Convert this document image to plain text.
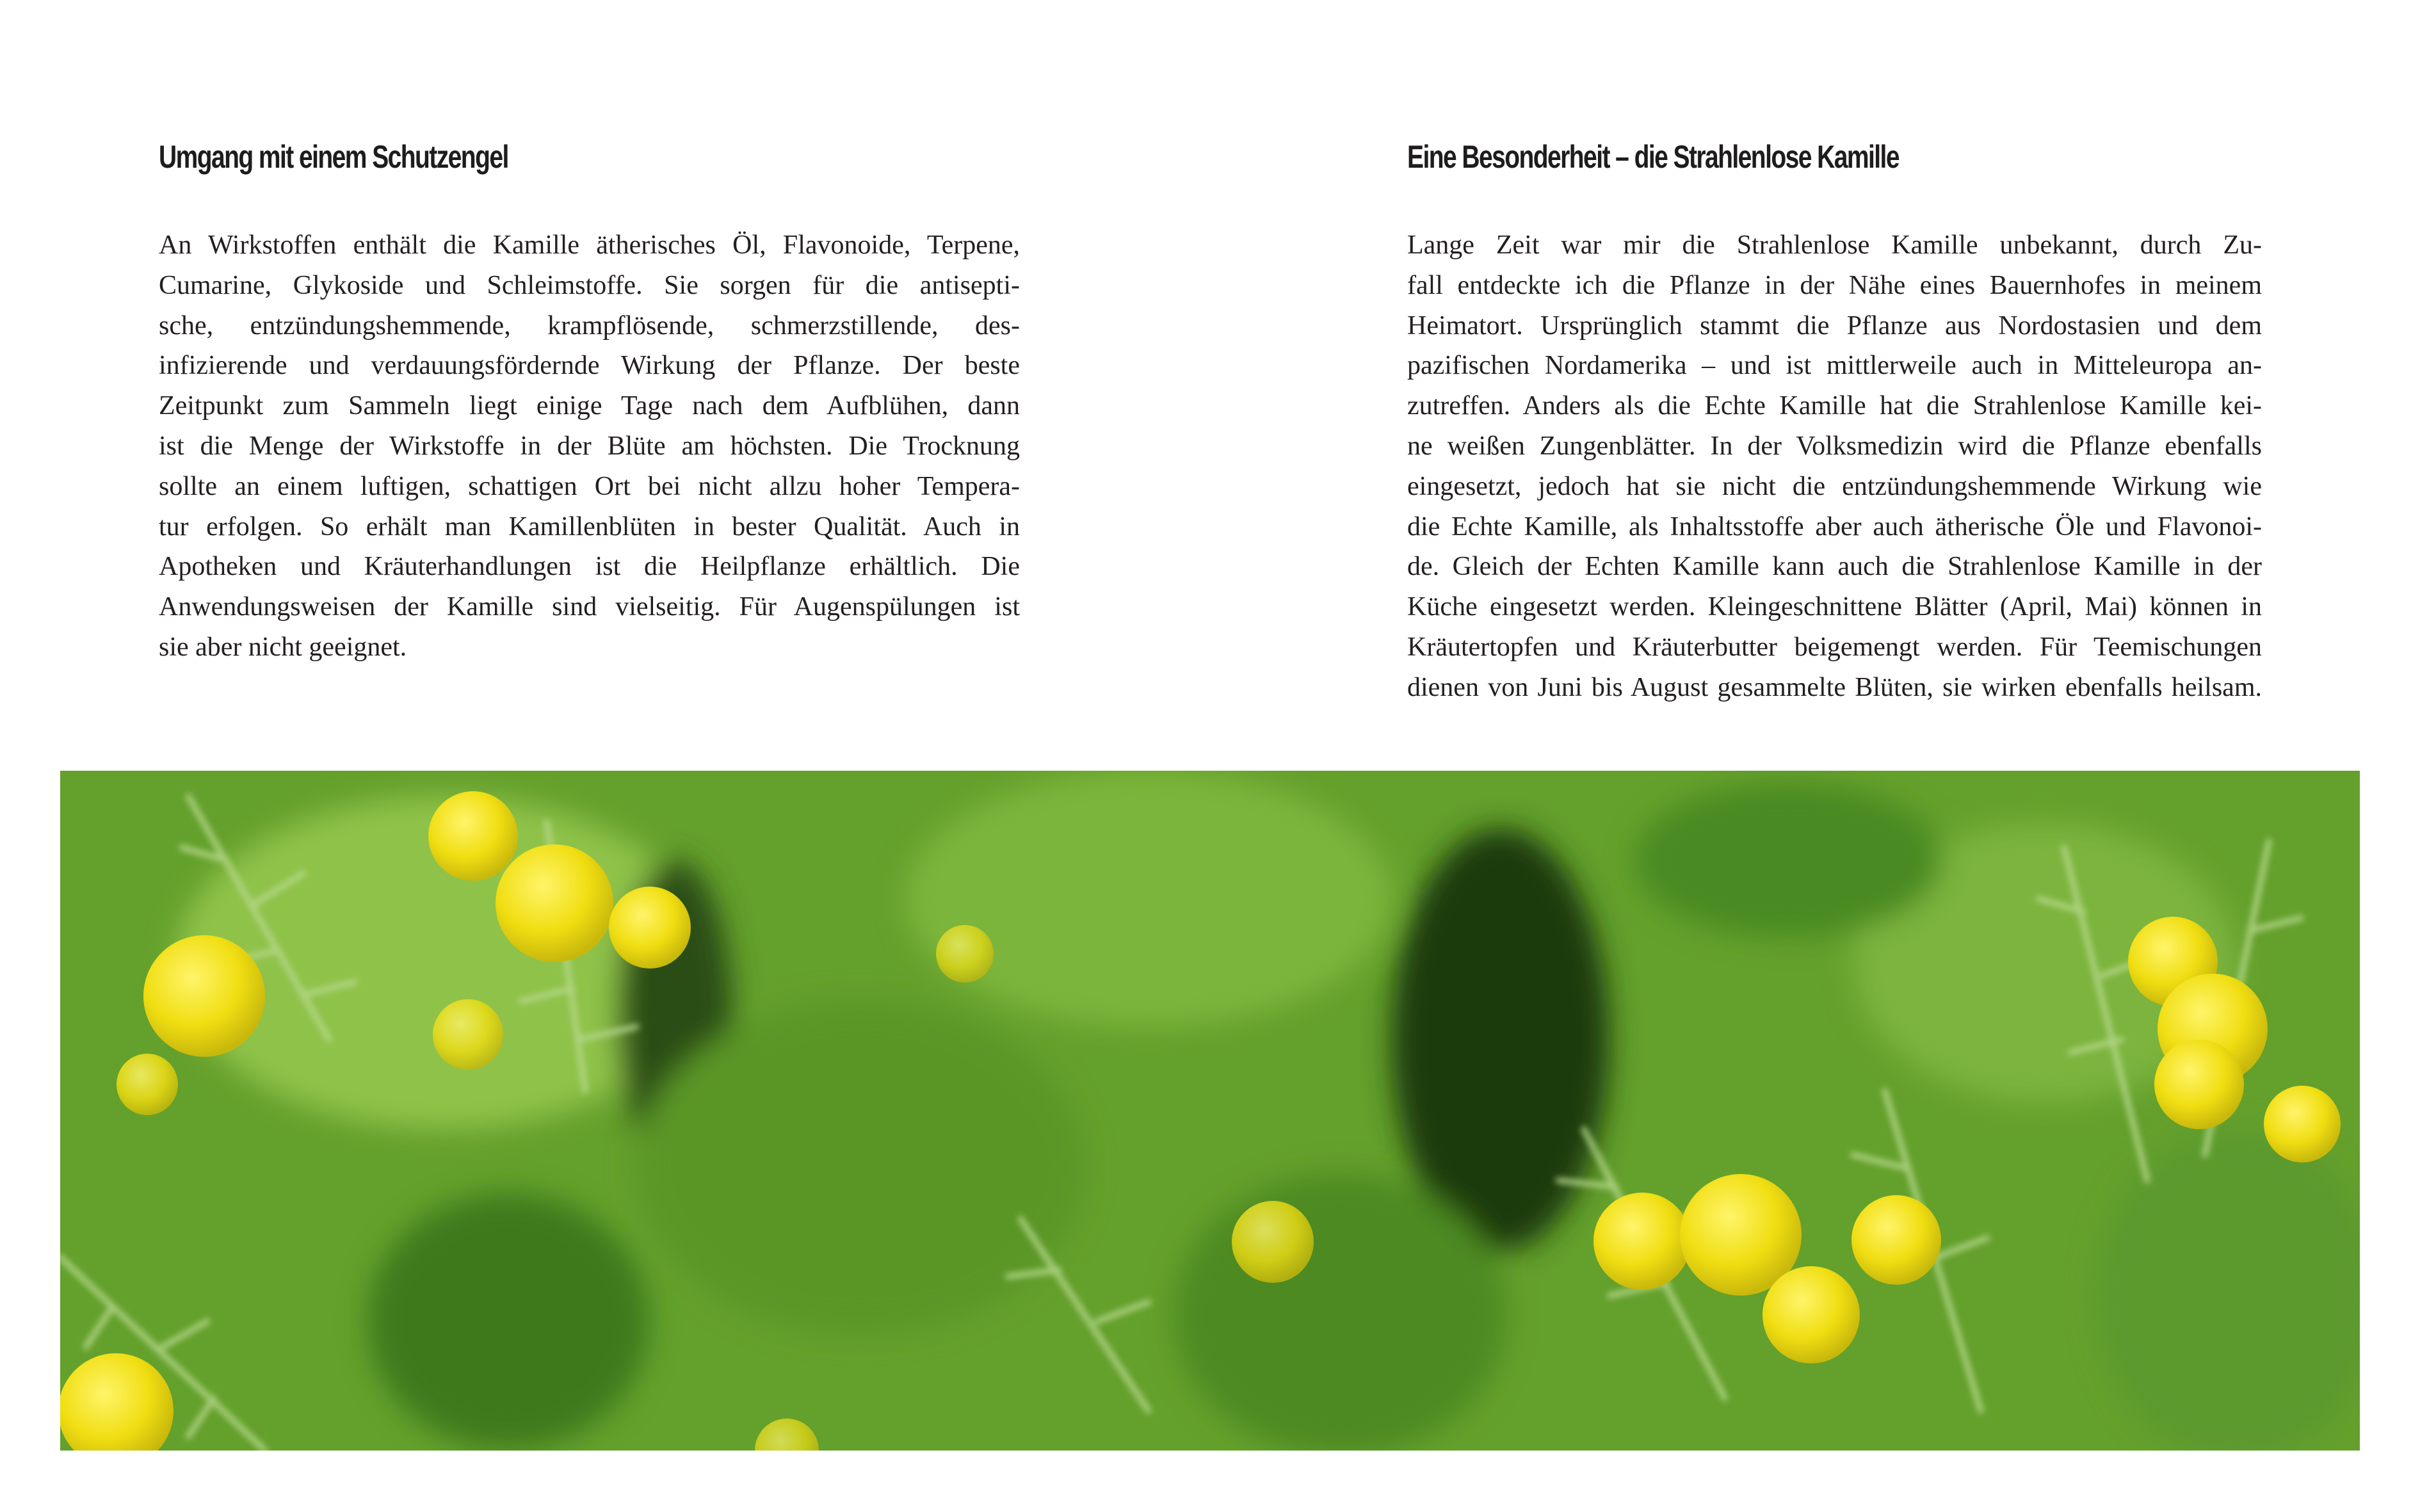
Umgang mit einem Schutzengel
An Wirkstoffen enthält die Kamille ätherisches Öl, Flavonoide, Terpene,
Cumarine, Glykoside und Schleimstoffe. Sie sorgen für die antisepti-
sche, entzündungshemmende, krampflösende, schmerzstillende, des-
infizierende und verdauungsfördernde Wirkung der Pflanze. Der beste
Zeitpunkt zum Sammeln liegt einige Tage nach dem Aufblühen, dann
ist die Menge der Wirkstoffe in der Blüte am höchsten. Die Trocknung
sollte an einem luftigen, schattigen Ort bei nicht allzu hoher Tempera-
tur erfolgen. So erhält man Kamillenblüten in bester Qualität. Auch in
Apotheken und Kräuterhandlungen ist die Heilpflanze erhältlich. Die
Anwendungsweisen der Kamille sind vielseitig. Für Augenspülungen ist
sie aber nicht geeignet.
Eine Besonderheit – die Strahlenlose Kamille
Lange Zeit war mir die Strahlenlose Kamille unbekannt, durch Zu-
fall entdeckte ich die Pflanze in der Nähe eines Bauernhofes in meinem
Heimatort. Ursprünglich stammt die Pflanze aus Nordostasien und dem
pazifischen Nordamerika – und ist mittlerweile auch in Mitteleuropa an-
zutreffen. Anders als die Echte Kamille hat die Strahlenlose Kamille kei-
ne weißen Zungenblätter. In der Volksmedizin wird die Pflanze ebenfalls
eingesetzt, jedoch hat sie nicht die entzündungshemmende Wirkung wie
die Echte Kamille, als Inhaltsstoffe aber auch ätherische Öle und Flavonoi-
de. Gleich der Echten Kamille kann auch die Strahlenlose Kamille in der
Küche eingesetzt werden. Kleingeschnittene Blätter (April, Mai) können in
Kräutertopfen und Kräuterbutter beigemengt werden. Für Teemischungen
dienen von Juni bis August gesammelte Blüten, sie wirken ebenfalls heilsam.
